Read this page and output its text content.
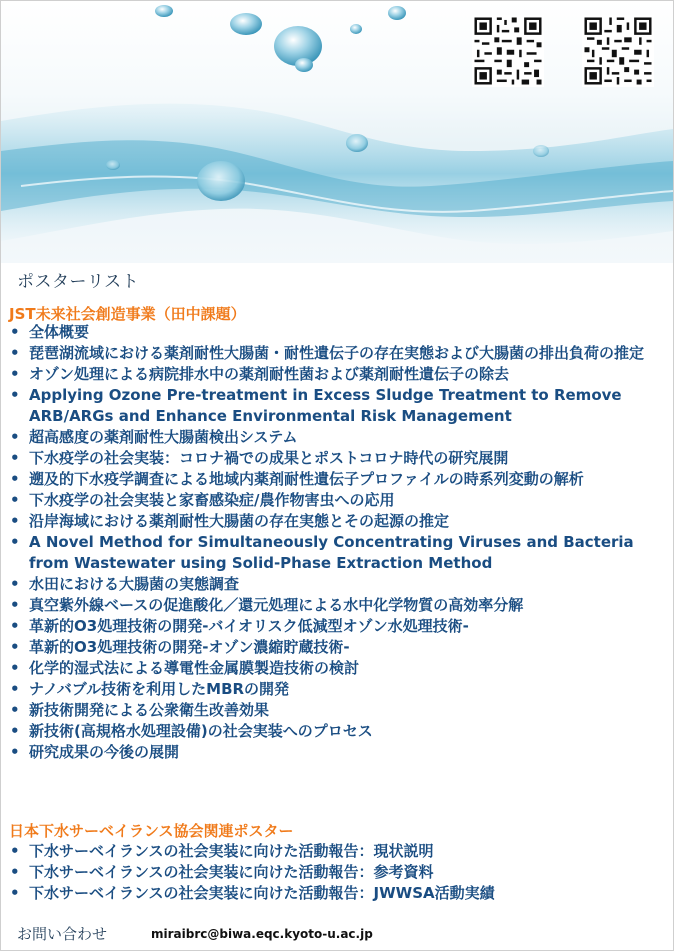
ポスターリスト
JST未来社会創造事業（田中課題）
• 全体概要
• 琵琶湖流域における薬剤耐性大腸菌・耐性遺伝子の存在実態および大腸菌の排出負荷の推定
• オゾン処理による病院排水中の薬剤耐性菌および薬剤耐性遺伝子の除去
• Applying Ozone Pre-treatment in Excess Sludge Treatment to Remove ARB/ARGs and Enhance Environmental Risk Management
• 超高感度の薬剤耐性大腸菌検出システム
• 下水疫学の社会実装：コロナ禍での成果とポストコロナ時代の研究展開
• 遡及的下水疫学調査による地域内薬剤耐性遺伝子プロファイルの時系列変動の解析
• 下水疫学の社会実装と家畜感染症/農作物害虫への応用
• 沿岸海域における薬剤耐性大腸菌の存在実態とその起源の推定
• A Novel Method for Simultaneously Concentrating Viruses and Bacteria from Wastewater using Solid-Phase Extraction Method
• 水田における大腸菌の実態調査
• 真空紫外線ベースの促進酸化／還元処理による水中化学物質の高効率分解
• 革新的O3処理技術の開発-バイオリスク低減型オゾン水処理技術-
• 革新的O3処理技術の開発-オゾン濃縮貯蔵技術-
• 化学的湿式法による導電性金属膜製造技術の検討
• ナノバブル技術を利用したMBRの開発
• 新技術開発による公衆衛生改善効果
• 新技術(高規格水処理設備)の社会実装へのプロセス
• 研究成果の今後の展開
日本下水サーベイランス協会関連ポスター
• 下水サーベイランスの社会実装に向けた活動報告：現状説明
• 下水サーベイランスの社会実装に向けた活動報告：参考資料
• 下水サーベイランスの社会実装に向けた活動報告：JWWSA活動実績
お問い合わせ	miraibrc@biwa.eqc.kyoto-u.ac.jp
